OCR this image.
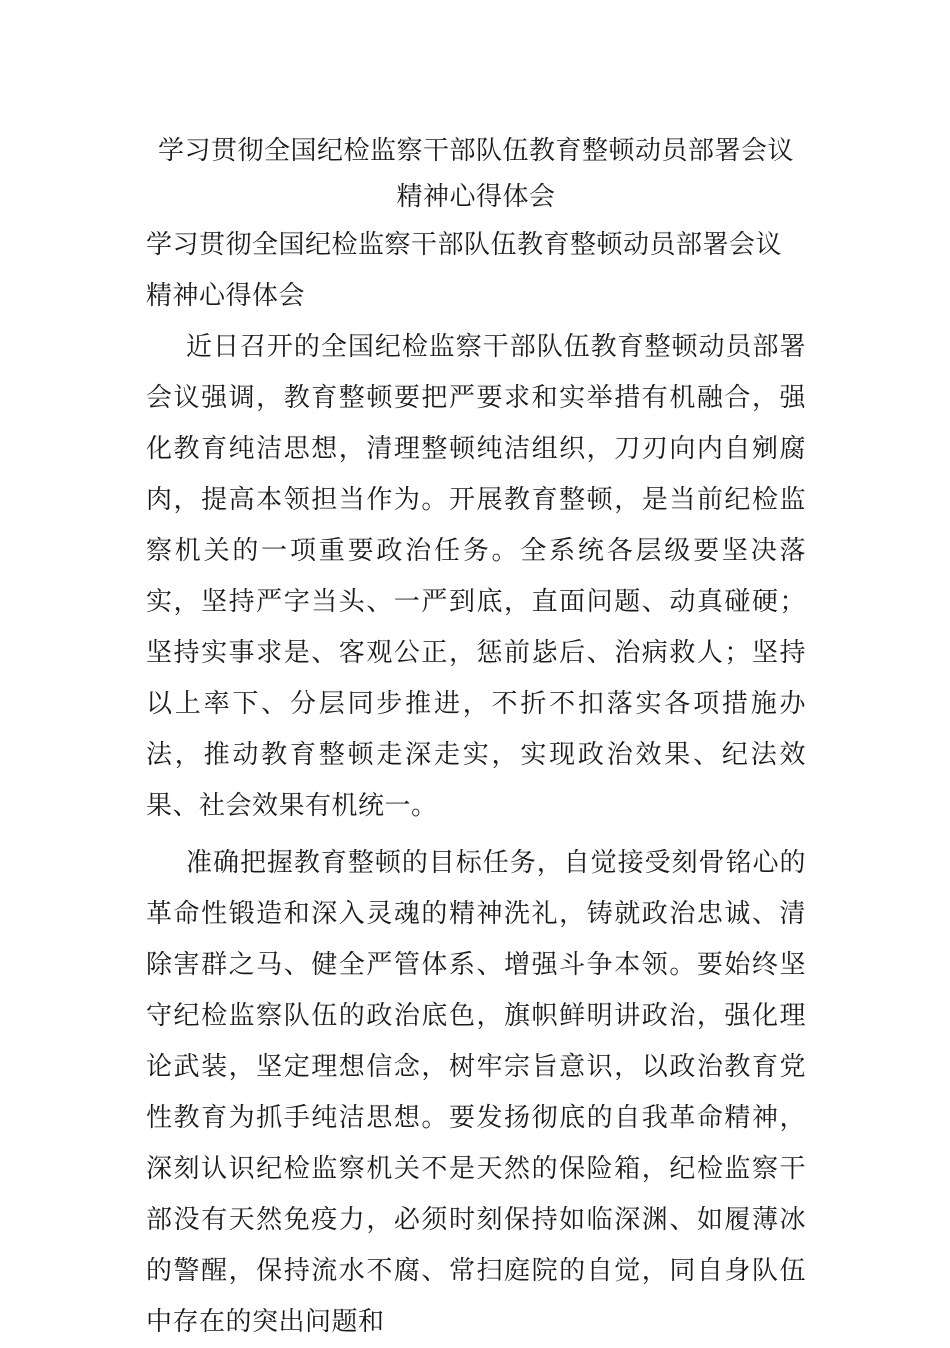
学习贯彻全国纪检监察干部队伍教育整顿动员部署会议精神心得体会
学习贯彻全国纪检监察干部队伍教育整顿动员部署会议精神心得体会

近日召开的全国纪检监察干部队伍教育整顿动员部署会议强调，教育整顿要把严要求和实举措有机融合，强化教育纯洁思想，清理整顿纯洁组织，刀刃向内自剜腐肉，提高本领担当作为。开展教育整顿，是当前纪检监察机关的一项重要政治任务。全系统各层级要坚决落实，坚持严字当头、一严到底，直面问题、动真碰硬；坚持实事求是、客观公正，惩前毖后、治病救人；坚持以上率下、分层同步推进，不折不扣落实各项措施办法，推动教育整顿走深走实，实现政治效果、纪法效果、社会效果有机统一。

准确把握教育整顿的目标任务，自觉接受刻骨铭心的革命性锻造和深入灵魂的精神洗礼，铸就政治忠诚、清除害群之马、健全严管体系、增强斗争本领。要始终坚守纪检监察队伍的政治底色，旗帜鲜明讲政治，强化理论武装，坚定理想信念，树牢宗旨意识，以政治教育党性教育为抓手纯洁思想。要发扬彻底的自我革命精神，深刻认识纪检监察机关不是天然的保险箱，纪检监察干部没有天然免疫力，必须时刻保持如临深渊、如履薄冰的警醒，保持流水不腐、常扫庭院的自觉，同自身队伍中存在的突出问题和
